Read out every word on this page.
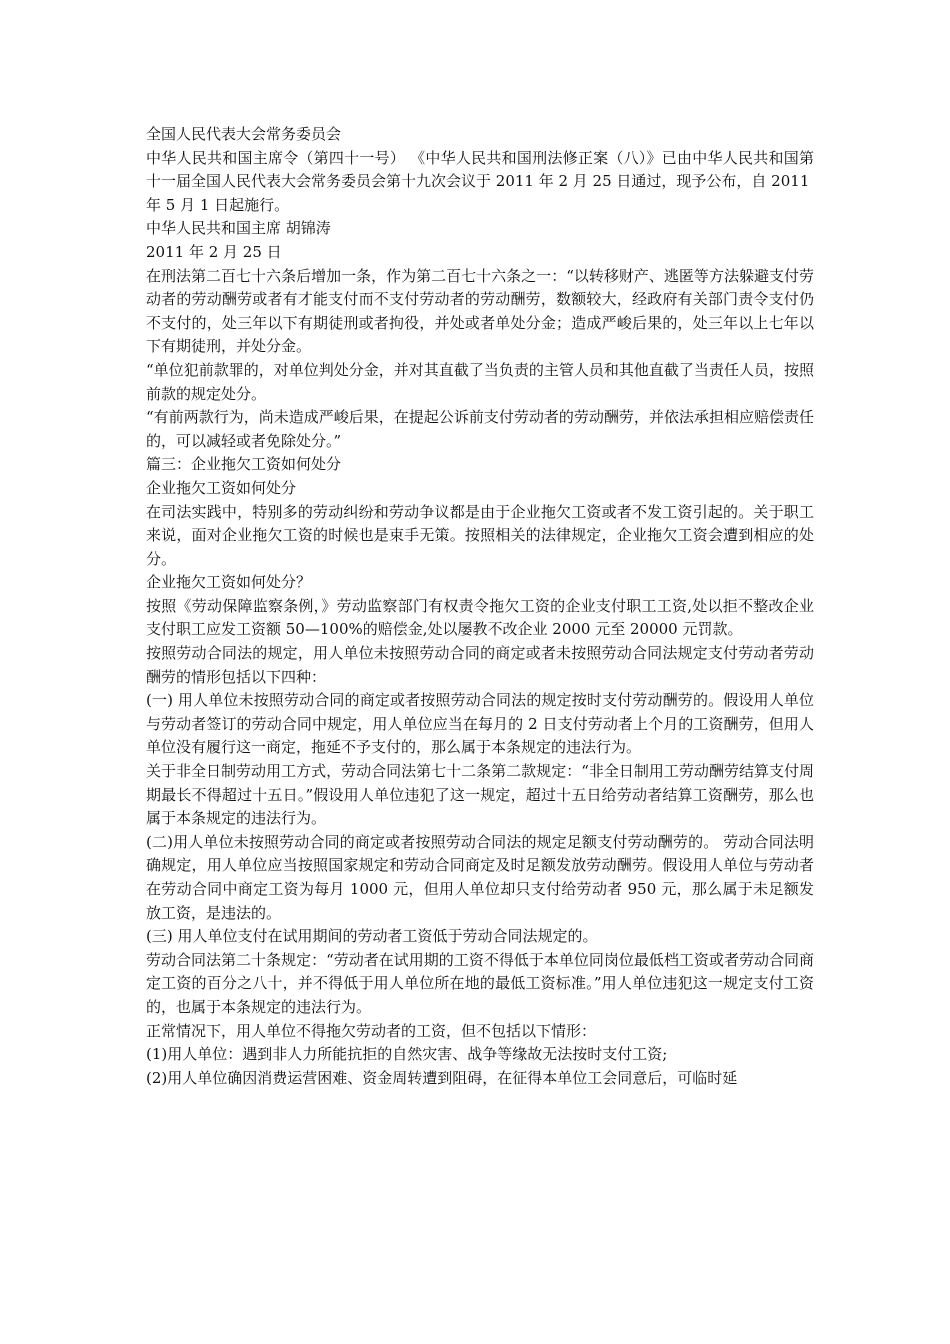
全国人民代表大会常务委员会

中华人民共和国主席令（第四十一号） 《中华人民共和国刑法修正案（八）》已由中华人民共和国第十一届全国人民代表大会常务委员会第十九次会议于 2011 年 2 月 25 日通过，现予公布，自 2011

年 5 月 1 日起施行。

中华人民共和国主席 胡锦涛

2011 年 2 月 25 日

在刑法第二百七十六条后增加一条，作为第二百七十六条之一：“以转移财产、逃匿等方法躲避支付劳动者的劳动酬劳或者有才能支付而不支付劳动者的劳动酬劳，数额较大，经政府有关部门责令支付仍不支付的，处三年以下有期徒刑或者拘役，并处或者单处分金；造成严峻后果的，处三年以上七年以下有期徒刑，并处分金。

“单位犯前款罪的，对单位判处分金，并对其直截了当负责的主管人员和其他直截了当责任人员，按照前款的规定处分。

“有前两款行为，尚未造成严峻后果，在提起公诉前支付劳动者的劳动酬劳，并依法承担相应赔偿责任的，可以减轻或者免除处分。”

篇三：企业拖欠工资如何处分

企业拖欠工资如何处分

在司法实践中，特别多的劳动纠纷和劳动争议都是由于企业拖欠工资或者不发工资引起的。关于职工来说，面对企业拖欠工资的时候也是束手无策。按照相关的法律规定，企业拖欠工资会遭到相应的处分。

企业拖欠工资如何处分？

按照《劳动保障监察条例，》劳动监察部门有权责令拖欠工资的企业支付职工工资,处以拒不整改企业支付职工应发工资额 50—100%的赔偿金,处以屡教不改企业 2000 元至 20000 元罚款。

按照劳动合同法的规定，用人单位未按照劳动合同的商定或者未按照劳动合同法规定支付劳动者劳动酬劳的情形包括以下四种：

(一) 用人单位未按照劳动合同的商定或者按照劳动合同法的规定按时支付劳动酬劳的。假设用人单位与劳动者签订的劳动合同中规定，用人单位应当在每月的 2 日支付劳动者上个月的工资酬劳，但用人单位没有履行这一商定，拖延不予支付的，那么属于本条规定的违法行为。

关于非全日制劳动用工方式，劳动合同法第七十二条第二款规定：“非全日制用工劳动酬劳结算支付周期最长不得超过十五日。”假设用人单位违犯了这一规定，超过十五日给劳动者结算工资酬劳，那么也属于本条规定的违法行为。

(二)用人单位未按照劳动合同的商定或者按照劳动合同法的规定足额支付劳动酬劳的。 劳动合同法明确规定，用人单位应当按照国家规定和劳动合同商定及时足额发放劳动酬劳。假设用人单位与劳动者在劳动合同中商定工资为每月 1000 元，但用人单位却只支付给劳动者 950 元，那么属于未足额发放工资，是违法的。

(三) 用人单位支付在试用期间的劳动者工资低于劳动合同法规定的。

劳动合同法第二十条规定：“劳动者在试用期的工资不得低于本单位同岗位最低档工资或者劳动合同商定工资的百分之八十，并不得低于用人单位所在地的最低工资标准。”用人单位违犯这一规定支付工资的，也属于本条规定的违法行为。

正常情况下，用人单位不得拖欠劳动者的工资，但不包括以下情形：

(1)用人单位：遇到非人力所能抗拒的自然灾害、战争等缘故无法按时支付工资;

(2)用人单位确因消费运营困难、资金周转遭到阻碍，在征得本单位工会同意后，可临时延
